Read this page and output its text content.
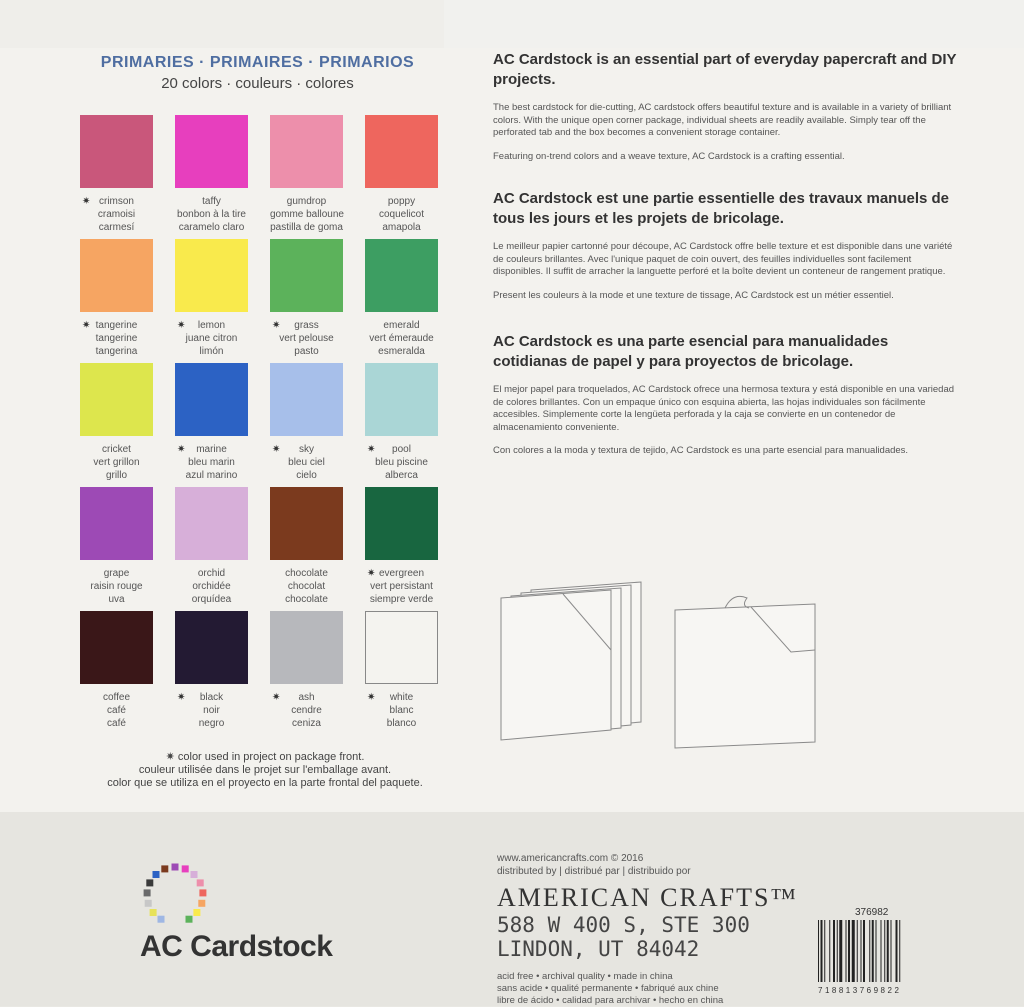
PRIMARIES · PRIMAIRES · PRIMARIOS

20 colors · couleurs · colores

✷ crimson
cramoisi
carmesí
taffy
bonbon à la tire
caramelo claro
gumdrop
gomme balloune
pastilla de goma
poppy
coquelicot
amapola
✷ tangerine
tangerine
tangerina
✷	lemon
juane citron
limón
✷	grass
vert pelouse
pasto
emerald
vert émeraude
esmeralda
cricket
vert grillon
grillo
✷	marine
bleu marin
azul marino
✷	sky
bleu ciel
cielo
✷	pool
bleu piscine
alberca
grape
raisin rouge
uva
orchid
orchidée
orquídea
chocolate
chocolat
chocolate
✷ evergreen
vert persistant
siempre verde
coffee
café
café
✷	black
noir
negro
✷	ash
cendre
ceniza
✷	white
blanc
blanco
✷ color used in project on package front.
couleur utilisée dans le projet sur l'emballage avant.
color que se utiliza en el proyecto en la parte frontal del paquete.
AC Cardstock is an essential part of everyday papercraft and DIY projects.

The best cardstock for die-cutting, AC cardstock offers beautiful texture and is available in a variety of brilliant colors. With the unique open corner package, individual sheets are readily available. Simply tear off the perforated tab and the box becomes a convenient storage container.

Featuring on-trend colors and a weave texture, AC Cardstock is a crafting essential.

AC Cardstock est une partie essentielle des travaux manuels de tous les jours et les projets de bricolage.

Le meilleur papier cartonné pour découpe, AC Cardstock offre belle texture et est disponible dans une variété de couleurs brillantes. Avec l'unique paquet de coin ouvert, des feuilles individuelles sont facilement disponibles. Il suffit de arracher la languette perforé et la boîte devient un conteneur de rangement pratique.

Present les couleurs à la mode et une texture de tissage, AC Cardstock est un métier essentiel.

AC Cardstock es una parte esencial para manualidades cotidianas de papel y para proyectos de bricolage.

El mejor papel para troquelados, AC Cardstock ofrece una hermosa textura y está disponible en una variedad de colores brillantes. Con un empaque único con esquina abierta, las hojas individuales son fácilmente accesibles. Simplemente corte la lengüeta perforada y la caja se convierte en un contenedor de almacenamiento conveniente.

Con colores a la moda y textura de tejido, AC Cardstock es una parte esencial para manualidades.

AC Cardstock
www.americancrafts.com © 2016
distributed by | distribué par | distribuido por
AMERICAN CRAFTS™
588 W 400 S, STE 300
LINDON, UT 84042
acid free • archival quality • made in china
sans acide • qualité permanente • fabriqué aux chine
libre de ácido • calidad para archivar • hecho en china
376982
718813769822
